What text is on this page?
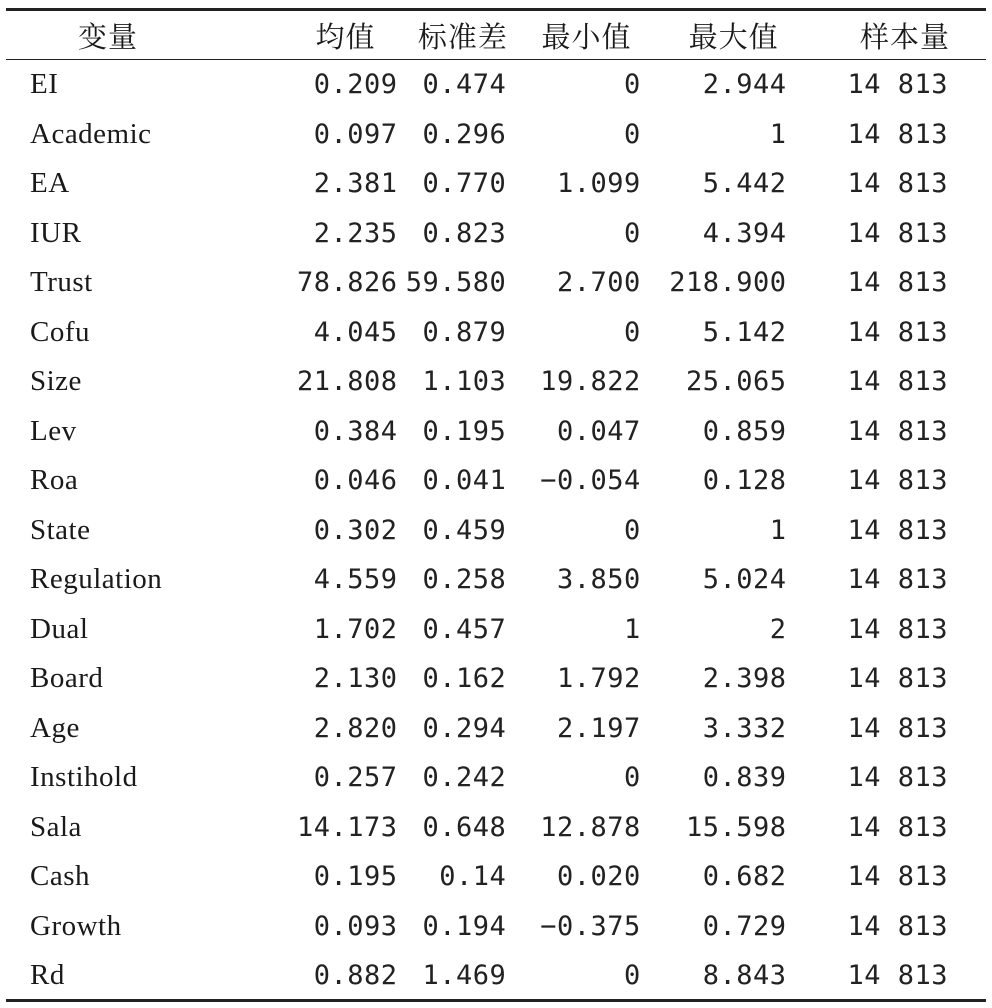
变量	均值	标准差	最小值	最大值	样本量
EI	0.209	0.474	0	2.944	14 813
Academic	0.097	0.296	0	1	14 813
EA	2.381	0.770	1.099	5.442	14 813
IUR	2.235	0.823	0	4.394	14 813
Trust	78.826	59.580	2.700	218.900	14 813
Cofu	4.045	0.879	0	5.142	14 813
Size	21.808	1.103	19.822	25.065	14 813
Lev	0.384	0.195	0.047	0.859	14 813
Roa	0.046	0.041	−0.054	0.128	14 813
State	0.302	0.459	0	1	14 813
Regulation	4.559	0.258	3.850	5.024	14 813
Dual	1.702	0.457	1	2	14 813
Board	2.130	0.162	1.792	2.398	14 813
Age	2.820	0.294	2.197	3.332	14 813
Instihold	0.257	0.242	0	0.839	14 813
Sala	14.173	0.648	12.878	15.598	14 813
Cash	0.195	0.14	0.020	0.682	14 813
Growth	0.093	0.194	−0.375	0.729	14 813
Rd	0.882	1.469	0	8.843	14 813
